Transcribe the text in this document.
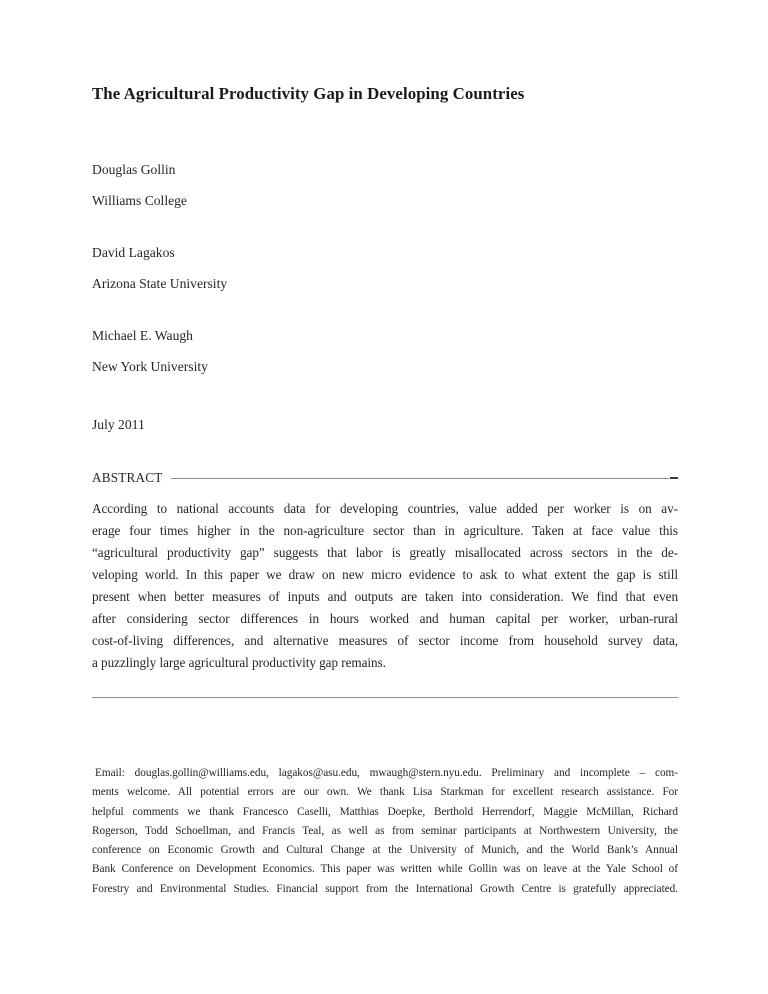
The Agricultural Productivity Gap in Developing Countries
Douglas Gollin
Williams College
David Lagakos
Arizona State University
Michael E. Waugh
New York University
July 2011
ABSTRACT
According to national accounts data for developing countries, value added per worker is on av-
erage four times higher in the non-agriculture sector than in agriculture. Taken at face value this
“agricultural productivity gap” suggests that labor is greatly misallocated across sectors in the de-
veloping world. In this paper we draw on new micro evidence to ask to what extent the gap is still
present when better measures of inputs and outputs are taken into consideration. We find that even
after considering sector differences in hours worked and human capital per worker, urban-rural
cost-of-living differences, and alternative measures of sector income from household survey data,
a puzzlingly large agricultural productivity gap remains.
Email: douglas.gollin@williams.edu, lagakos@asu.edu, mwaugh@stern.nyu.edu. Preliminary and incomplete – com-
ments welcome. All potential errors are our own. We thank Lisa Starkman for excellent research assistance. For
helpful comments we thank Francesco Caselli, Matthias Doepke, Berthold Herrendorf, Maggie McMillan, Richard
Rogerson, Todd Schoellman, and Francis Teal, as well as from seminar participants at Northwestern University, the
conference on Economic Growth and Cultural Change at the University of Munich, and the World Bank’s Annual
Bank Conference on Development Economics. This paper was written while Gollin was on leave at the Yale School of
Forestry and Environmental Studies. Financial support from the International Growth Centre is gratefully appreciated.
